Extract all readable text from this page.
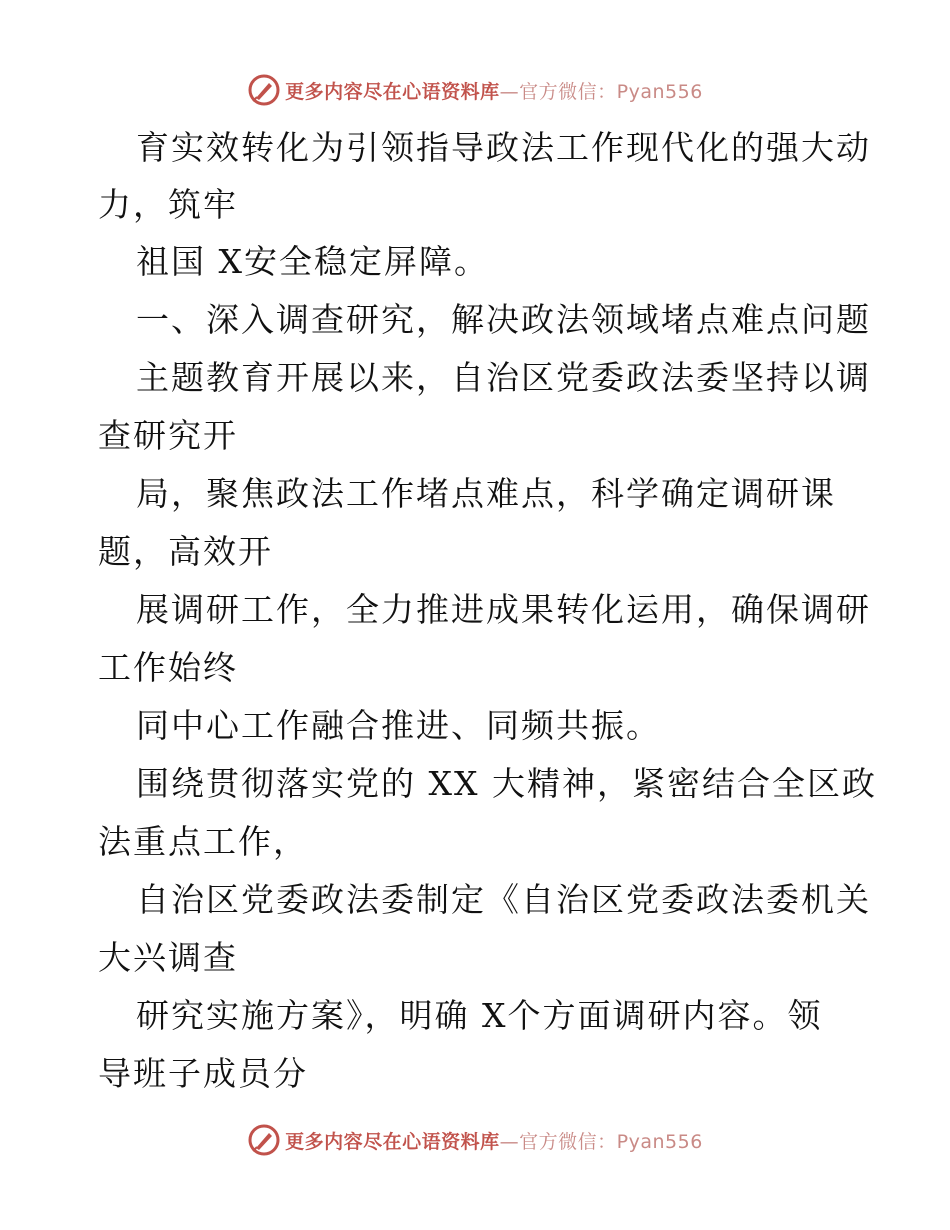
更多内容尽在心语资料库—官方微信：Pyan556
育实效转化为引领指导政法工作现代化的强大动
力，筑牢
祖国 X安全稳定屏障。
一、深入调查研究，解决政法领域堵点难点问题
主题教育开展以来，自治区党委政法委坚持以调
查研究开
局，聚焦政法工作堵点难点，科学确定调研课
题，高效开
展调研工作，全力推进成果转化运用，确保调研
工作始终
同中心工作融合推进、同频共振。
围绕贯彻落实党的 XX 大精神，紧密结合全区政
法重点工作，
自治区党委政法委制定《自治区党委政法委机关
大兴调查
研究实施方案》，明确 X个方面调研内容。领
导班子成员分
更多内容尽在心语资料库—官方微信：Pyan556
